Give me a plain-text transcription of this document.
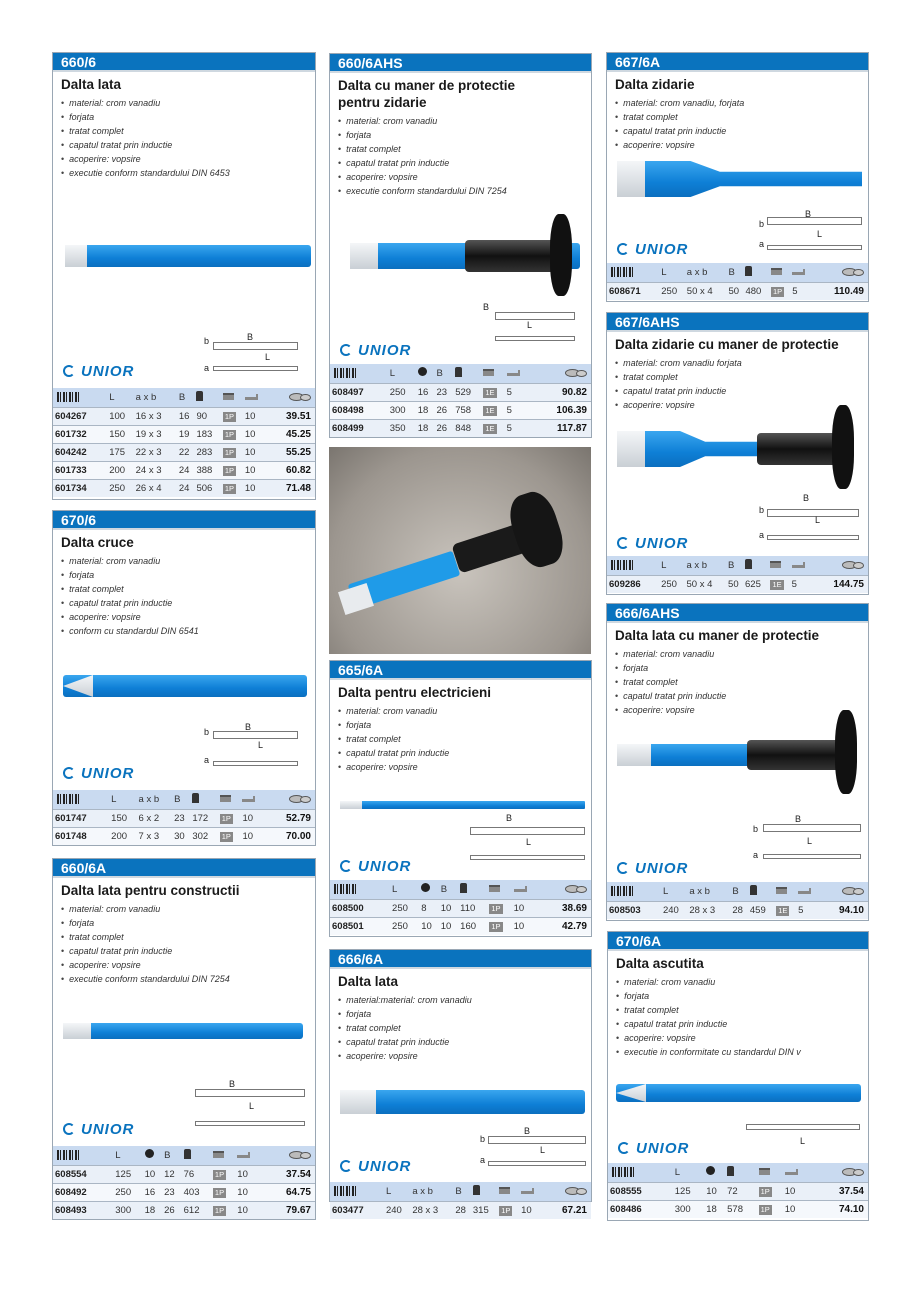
660/6
Dalta lata
• material: crom vanadiu
• forjata
• tratat complet
• capatul tratat prin inductie
• acoperire: vopsire
• executie conform standardului DIN 6453
b	B
L
a
UNIOR
	L	a x b	B				
604267	100	16 x 3	16	90	1P	10	39.51
601732	150	19 x 3	19	183	1P	10	45.25
604242	175	22 x 3	22	283	1P	10	55.25
601733	200	24 x 3	24	388	1P	10	60.82
601734	250	26 x 4	24	506	1P	10	71.48
670/6
Dalta cruce
• material: crom vanadiu
• forjata
• tratat complet
• capatul tratat prin inductie
• acoperire: vopsire
• conform cu standardul DIN 6541
b	B
L
a
UNIOR
	L	a x b	B				
601747	150	6 x 2	23	172	1P	10	52.79
601748	200	7 x 3	30	302	1P	10	70.00
660/6A
Dalta lata pentru constructii
• material: crom vanadiu
• forjata
• tratat complet
• capatul tratat prin inductie
• acoperire: vopsire
• executie conform standardului DIN 7254
B
L
UNIOR
	L		B				
608554	125	10	12	76	1P	10	37.54
608492	250	16	23	403	1P	10	64.75
608493	300	18	26	612	1P	10	79.67
660/6AHS
Dalta cu maner de protectie pentru zidarie
• material: crom vanadiu
• forjata
• tratat complet
• capatul tratat prin inductie
• acoperire: vopsire
• executie conform standardului DIN 7254
B
L
UNIOR
	L		B				
608497	250	16	23	529	1E	5	90.82
608498	300	18	26	758	1E	5	106.39
608499	350	18	26	848	1E	5	117.87
665/6A
Dalta pentru electricieni
• material: crom vanadiu
• forjata
• tratat complet
• capatul tratat prin inductie
• acoperire: vopsire
B
L
UNIOR
	L		B				
608500	250	8	10	110	1P	10	38.69
608501	250	10	10	160	1P	10	42.79
666/6A
Dalta lata
• material:material: crom vanadiu
• forjata
• tratat complet
• capatul tratat prin inductie
• acoperire: vopsire
b
B
L
a
UNIOR
	L	a x b	B				
603477	240	28 x 3	28	315	1P	10	67.21
667/6A
Dalta zidarie
• material: crom vanadiu, forjata
• tratat complet
• capatul tratat prin inductie
• acoperire: vopsire
B
b
L
a
UNIOR
	L	a x b	B				
608671	250	50 x 4	50	480	1P	5	110.49
667/6AHS
Dalta zidarie cu maner de protectie
• material: crom vanadiu forjata
• tratat complet
• capatul tratat prin inductie
• acoperire: vopsire
B
b
L
a
UNIOR
	L	a x b	B				
609286	250	50 x 4	50	625	1E	5	144.75
666/6AHS
Dalta lata cu maner de protectie
• material: crom vanadiu
• forjata
• tratat complet
• capatul tratat prin inductie
• acoperire: vopsire
B
b
L
a
UNIOR
	L	a x b	B				
608503	240	28 x 3	28	459	1E	5	94.10
670/6A
Dalta ascutita
• material: crom vanadiu
• forjata
• tratat complet
• capatul tratat prin inductie
• acoperire: vopsire
• executie in conformitate cu standardul DIN v
L
UNIOR
	L					
608555	125	10	72	1P	10	37.54
608486	300	18	578	1P	10	74.10
